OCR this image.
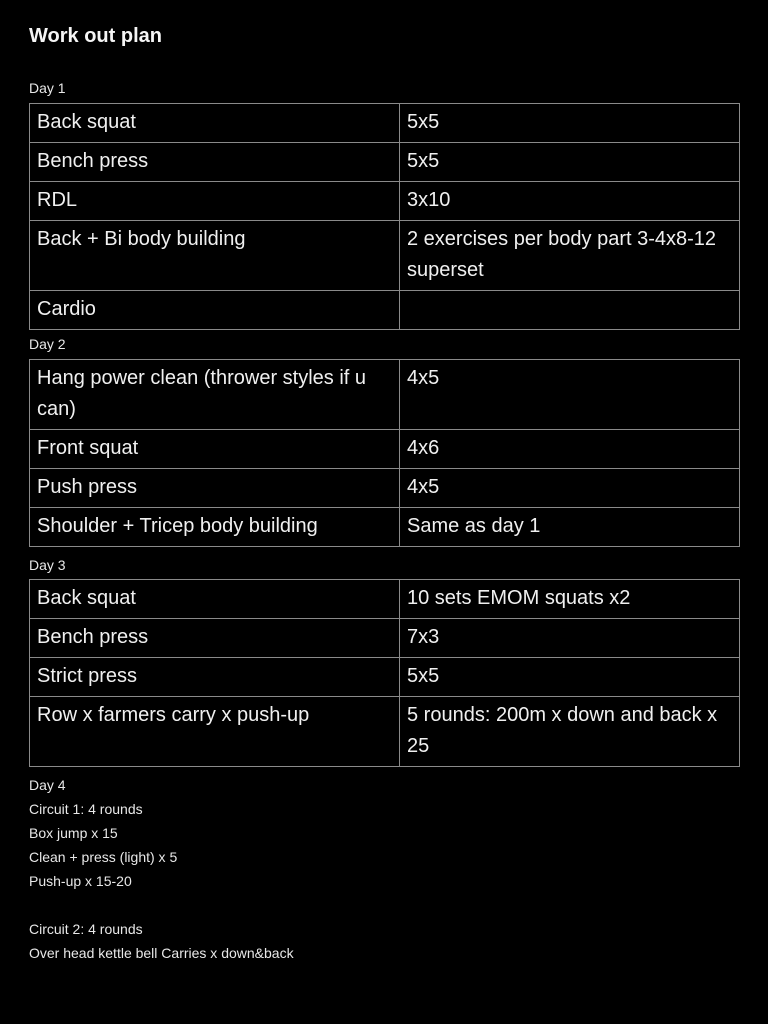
Work out plan
Day 1
Back squat	5x5
Bench press	5x5
RDL	3x10
Back + Bi body building	2 exercises per body part 3-4x8-12 superset
Cardio	
Day 2
Hang power clean (thrower styles if u can)	4x5
Front squat	4x6
Push press	4x5
Shoulder + Tricep body building	Same as day 1
Day 3
Back squat	10 sets EMOM squats x2
Bench press	7x3
Strict press	5x5
Row x farmers carry x push-up	5 rounds: 200m x down and back x 25
Day 4
Circuit 1: 4 rounds
Box jump x 15
Clean + press (light) x 5
Push-up x 15-20
Circuit 2: 4 rounds
Over head kettle bell Carries x down&back
